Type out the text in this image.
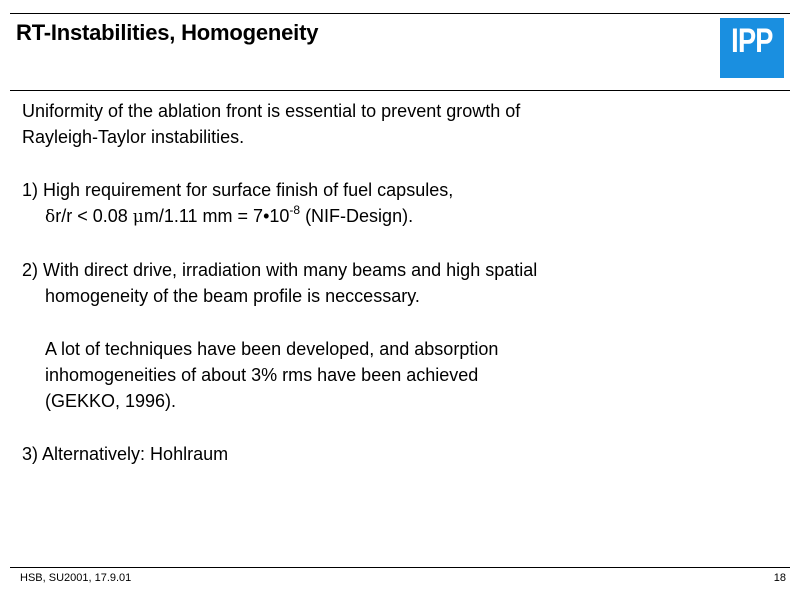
RT-Instabilities, Homogeneity	IPP

Uniformity of the ablation front is essential to prevent growth of

Rayleigh-Taylor instabilities.

1) High requirement for surface finish of fuel capsules,

δr/r < 0.08 μm/1.11 mm = $7•10^{-8}$ (NIF-Design).

2) With direct drive, irradiation with many beams and high spatial

homogeneity of the beam profile is neccessary.

A lot of techniques have been developed, and absorption

inhomogeneities of about 3% rms have been achieved

(GEKKO, 1996).

3) Alternatively: Hohlraum

HSB, SU2001, 17.9.01	18
